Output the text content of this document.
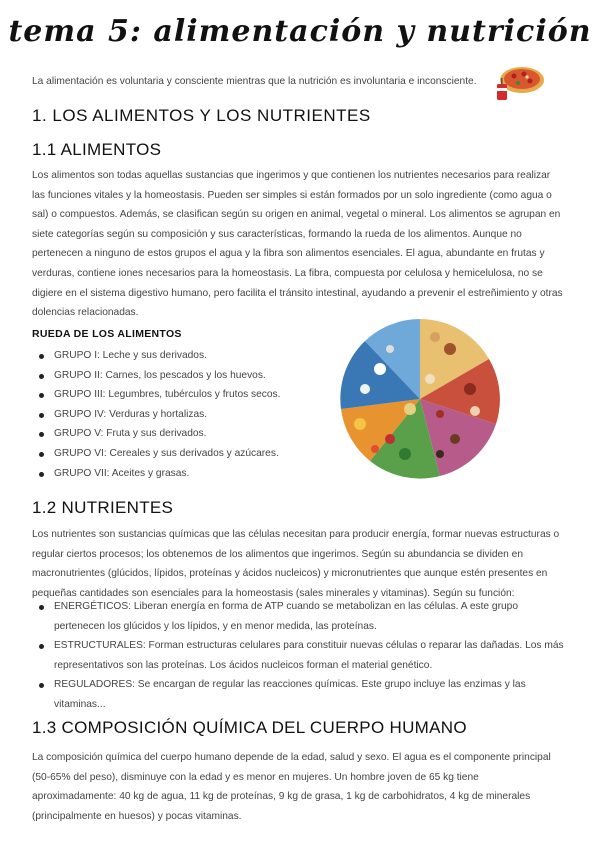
tema 5: alimentación y nutrición
La alimentación es voluntaria y consciente mientras que la nutrición es involuntaria e inconsciente.
1. LOS ALIMENTOS Y LOS NUTRIENTES
1.1 ALIMENTOS
Los alimentos son todas aquellas sustancias que ingerimos y que contienen los nutrientes necesarios para realizar las funciones vitales y la homeostasis. Pueden ser simples si están formados por un solo ingrediente (como agua o sal) o compuestos. Además, se clasifican según su origen en animal, vegetal o mineral. Los alimentos se agrupan en siete categorías según su composición y sus características, formando la rueda de los alimentos. Aunque no pertenecen a ninguno de estos grupos el agua y la fibra son alimentos esenciales. El agua, abundante en frutas y verduras, contiene iones necesarios para la homeostasis. La fibra, compuesta por celulosa y hemicelulosa, no se digiere en el sistema digestivo humano, pero facilita el tránsito intestinal, ayudando a prevenir el estreñimiento y otras dolencias relacionadas.
RUEDA DE LOS ALIMENTOS
GRUPO I: Leche y sus derivados.
GRUPO II: Carnes, los pescados y los huevos.
GRUPO III: Legumbres, tubérculos y frutos secos.
GRUPO IV: Verduras y hortalizas.
GRUPO V: Fruta y sus derivados.
GRUPO VI: Cereales y sus derivados y azúcares.
GRUPO VII: Aceites y grasas.
1.2 NUTRIENTES
Los nutrientes son sustancias químicas que las células necesitan para producir energía, formar nuevas estructuras o regular ciertos procesos; los obtenemos de los alimentos que ingerimos. Según su abundancia se dividen en macronutrientes (glúcidos, lípidos, proteínas y ácidos nucleicos) y micronutrientes que aunque estén presentes en pequeñas cantidades son esenciales para la homeostasis (sales minerales y vitaminas). Según su función:
ENERGÉTICOS: Liberan energía en forma de ATP cuando se metabolizan en las células. A este grupo pertenecen los glúcidos y los lípidos, y en menor medida, las proteínas.
ESTRUCTURALES: Forman estructuras celulares para constituir nuevas células o reparar las dañadas. Los más representativos son las proteínas. Los ácidos nucleicos forman el material genético.
REGULADORES: Se encargan de regular las reacciones químicas. Este grupo incluye las enzimas y las vitaminas...
1.3 COMPOSICIÓN QUÍMICA DEL CUERPO HUMANO
La composición química del cuerpo humano depende de la edad, salud y sexo. El agua es el componente principal (50-65% del peso), disminuye con la edad y es menor en mujeres. Un hombre joven de 65 kg tiene aproximadamente: 40 kg de agua, 11 kg de proteínas, 9 kg de grasa, 1 kg de carbohidratos, 4 kg de minerales (principalmente en huesos) y pocas vitaminas.
